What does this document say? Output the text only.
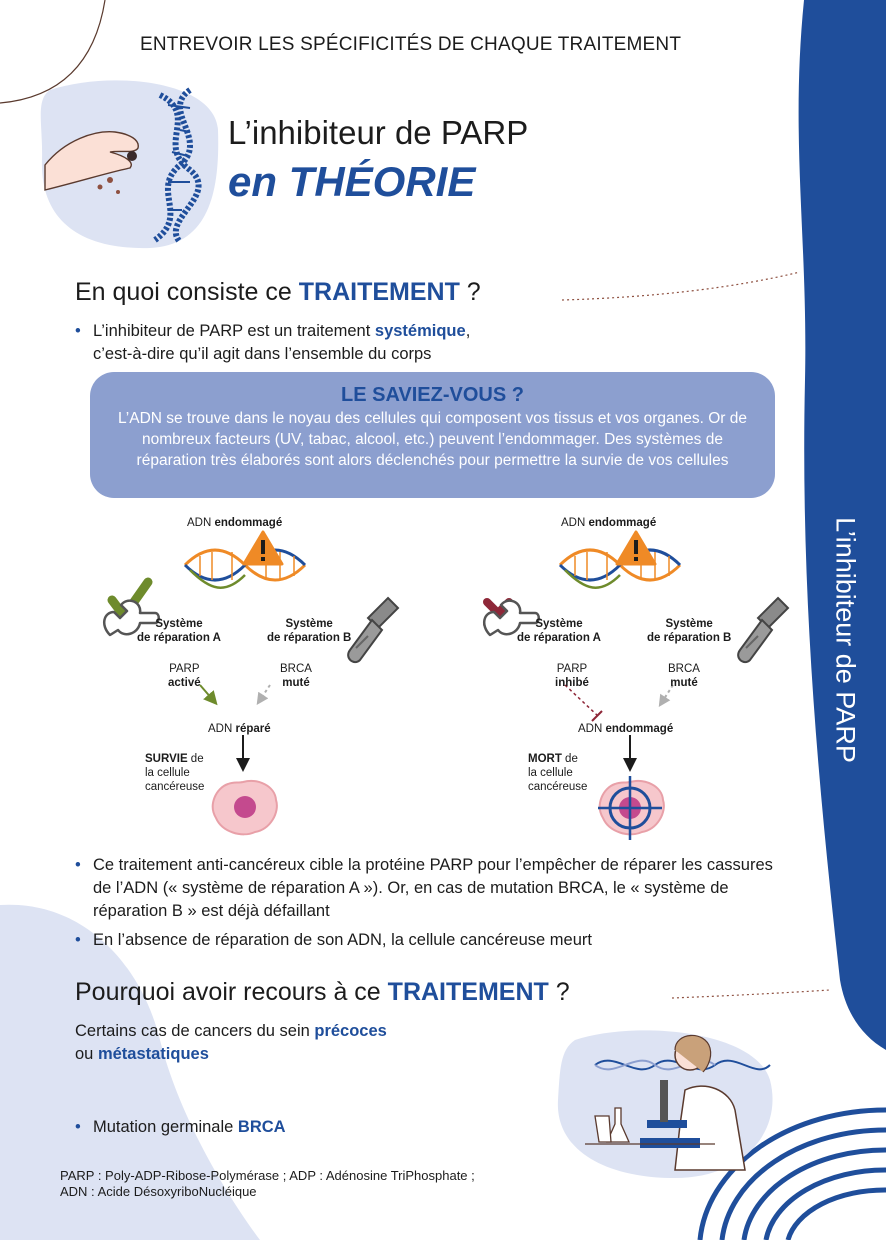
ENTREVOIR LES SPÉCIFICITÉS DE CHAQUE TRAITEMENT
L’inhibiteur de PARP
en THÉORIE
L’inhibiteur de PARP
En quoi consiste ce TRAITEMENT ?
• L’inhibiteur de PARP est un traitement systémique,
c’est-à-dire qu’il agit dans l’ensemble du corps
LE SAVIEZ-VOUS ?
L’ADN se trouve dans le noyau des cellules qui composent vos tissus et vos organes. Or de nombreux facteurs (UV, tabac, alcool, etc.) peuvent l’endommager. Des systèmes de réparation très élaborés sont alors déclenchés pour permettre la survie de vos cellules
ADN endommagé
Système
de réparation A
Système
de réparation B
PARP
activé
BRCA
muté
ADN réparé
SURVIE de
la cellule
cancéreuse
ADN endommagé
Système
de réparation A
Système
de réparation B
PARP
inhibé
BRCA
muté
ADN endommagé
MORT de
la cellule
cancéreuse
• Ce traitement anti-cancéreux cible la protéine PARP pour l’empêcher de réparer les cassures de l’ADN (« système de réparation A »). Or, en cas de mutation BRCA, le « système de réparation B » est déjà défaillant
• En l’absence de réparation de son ADN, la cellule cancéreuse meurt
Pourquoi avoir recours à ce TRAITEMENT ?
Certains cas de cancers du sein précoces
ou métastatiques
• Mutation germinale BRCA
PARP : Poly-ADP-Ribose-Polymérase ; ADP : Adénosine TriPhosphate ;
ADN : Acide DésoxyriboNucléique
